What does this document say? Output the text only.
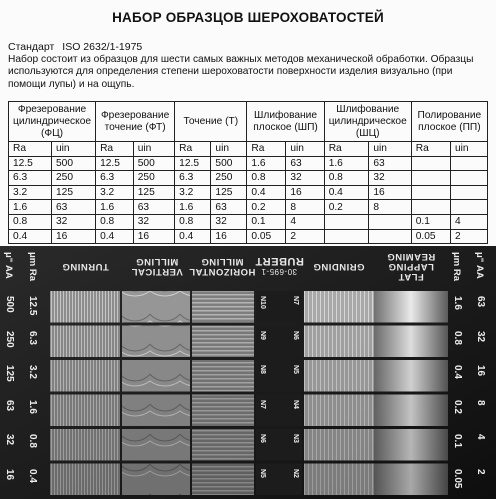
НАБОР ОБРАЗЦОВ ШЕРОХОВАТОСТЕЙ
Стандарт ISO 2632/1-1975
Набор состоит из образцов для шести самых важных методов механической обработки. Образцы используются для определения степени шероховатости поверхности изделия визуально (при помощи лупы) и на ощупь.
Фрезерование цилиндрическое (ФЦ)		Фрезерование точение (ФТ)		Точение (Т)		Шлифование плоское (ШП)		Шлифование цилиндрическое (ШЦ)		Полирование плоское (ПП)	
Ra	uin	Ra	uin	Ra	uin	Ra	uin	Ra	uin	Ra	uin
12.5	500	12.5	500	12.5	500	1.6	63	1.6	63		
6.3	250	6.3	250	6.3	250	0.8	32	0.8	32		
3.2	125	3.2	125	3.2	125	0.4	16	0.4	16		
1.6	63	1.6	63	1.6	63	0.2	8	0.2	8		
0.8	32	0.8	32	0.8	32	0.1	4			0.1	4
0.4	16	0.4	16	0.4	16	0.05	2			0.05	2
TURNING	VERTICAL MILLING
HORIZONTAL MILLING	RUBERT
30-695-1 GRINDING
FLAT LAPPING REAMING
μ" AA μm Ra	μm Ra μ" AA
500 12.5	N10	N7	1.6 63
250 6.3	N9	N6	0.8 32
125 3.2	N8	N5	0.4 16
63 1.6	N7	N4	0.2 8
32 0.8	N6	N3	0.1 4
16 0.4	N5	N2	0.05 2
